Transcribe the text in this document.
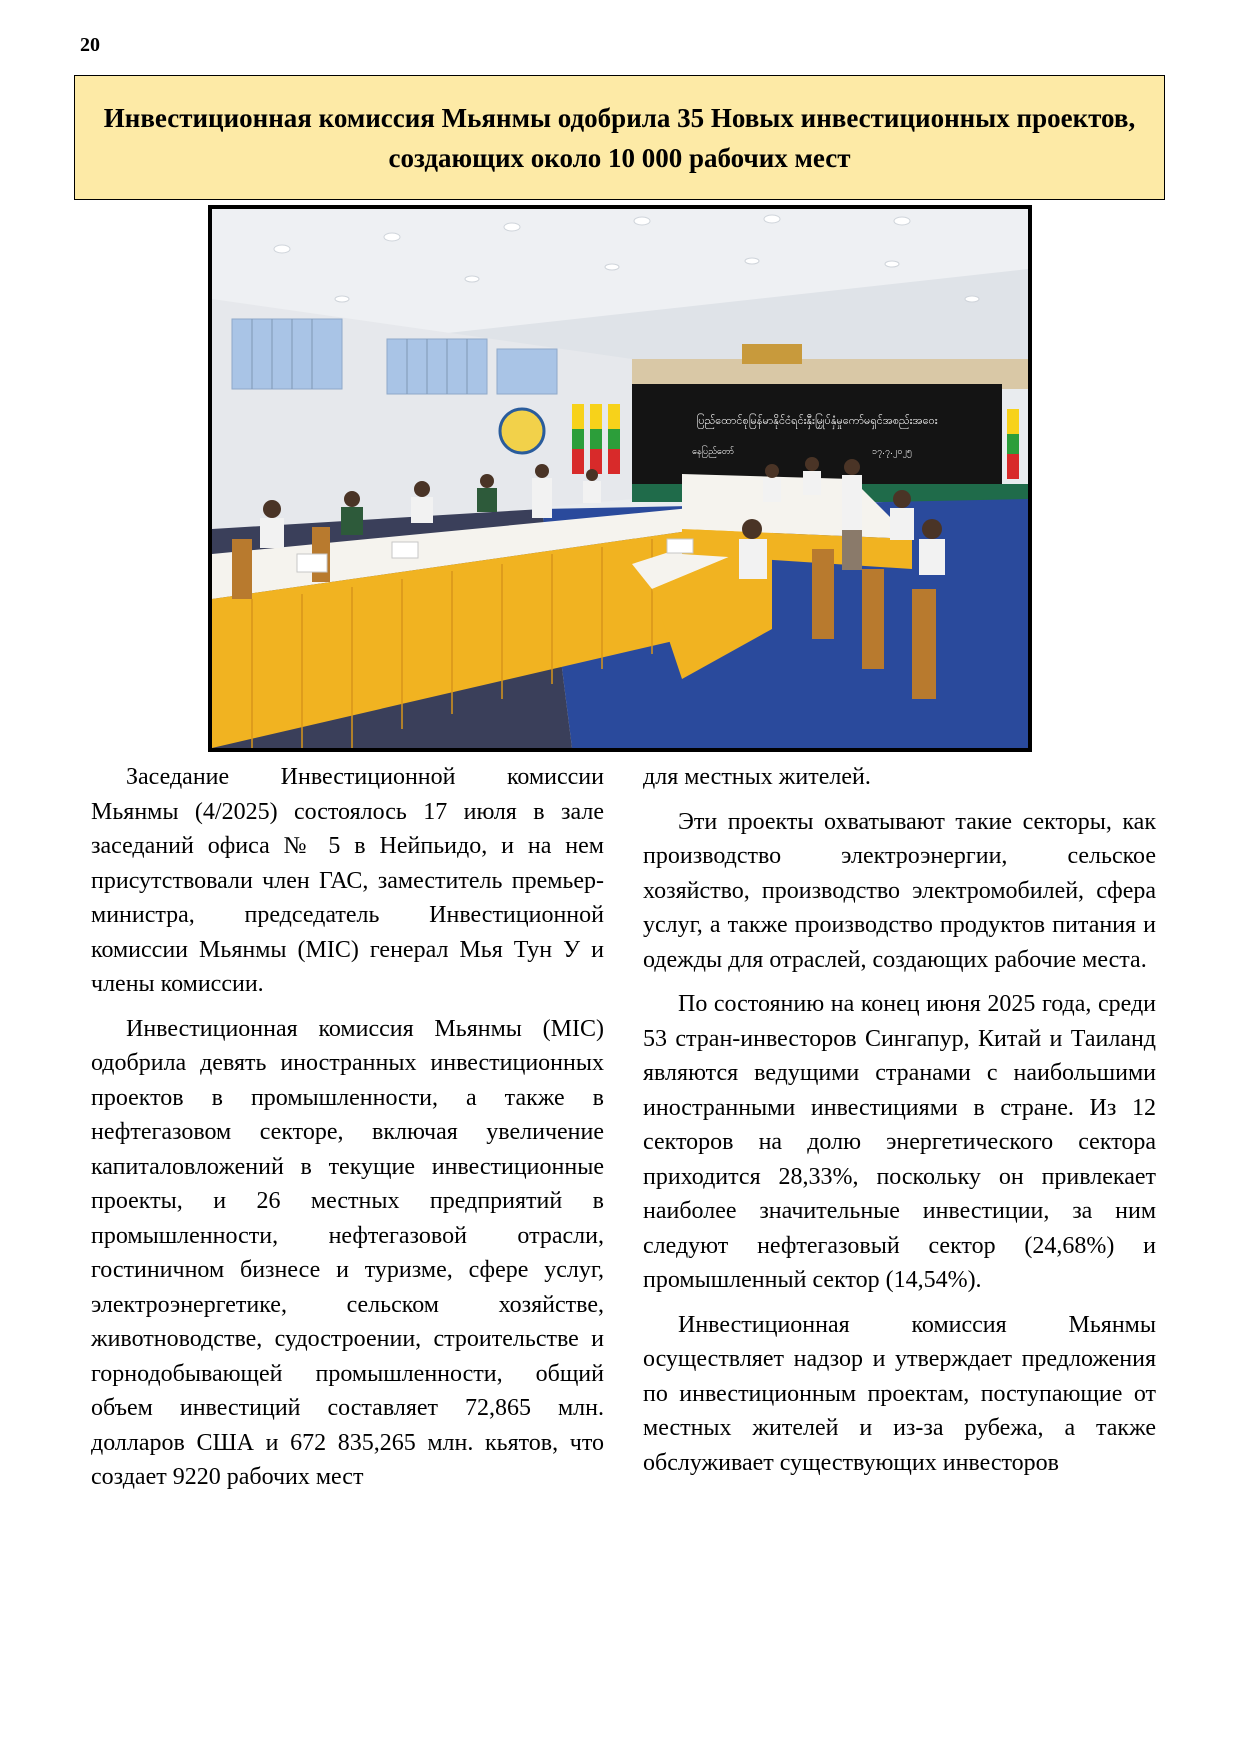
20
Инвестиционная комиссия Мьянмы одобрила 35 Новых инвестиционных проектов, создающих около 10 000 рабочих мест
ပြည်ထောင်စုမြန်မာနိုင်ငံရင်းနှီးမြှုပ်နှံမှုကော်မရှင်အစည်းအဝေး
နေပြည်တော်	၁၇.၇.၂၀၂၅

Заседание Инвестиционной комиссии Мьянмы (4/2025) состоялось 17 июля в зале заседаний офиса № 5 в Нейпьидо, и на нем присутствовали член ГАС, заместитель премьер-министра, председатель Инвестиционной комиссии Мьянмы (MIC) генерал Мья Тун У и члены комиссии.

Инвестиционная комиссия Мьянмы (MIC) одобрила девять иностранных инвестиционных проектов в промышленности, а также в нефтегазовом секторе, включая увеличение капиталовложений в текущие инвестиционные проекты, и 26 местных предприятий в промышленности, нефтегазовой отрасли, гостиничном бизнесе и туризме, сфере услуг, электроэнергетике, сельском хозяйстве, животноводстве, судостроении, строительстве и горнодобывающей промышленности, общий объем инвестиций составляет 72,865 млн. долларов США и 672 835,265 млн. кьятов, что создает 9220 рабочих мест

для местных жителей.

Эти проекты охватывают такие секторы, как производство электроэнергии, сельское хозяйство, производство электромобилей, сфера услуг, а также производство продуктов питания и одежды для отраслей, создающих рабочие места.

По состоянию на конец июня 2025 года, среди 53 стран-инвесторов Сингапур, Китай и Таиланд являются ведущими странами с наибольшими иностранными инвестициями в стране. Из 12 секторов на долю энергетического сектора приходится 28,33%, поскольку он привлекает наиболее значительные инвестиции, за ним следуют нефтегазовый сектор (24,68%) и промышленный сектор (14,54%).

Инвестиционная комиссия Мьянмы осуществляет надзор и утверждает предложения по инвестиционным проектам, поступающие от местных жителей и из-за рубежа, а также обслуживает существующих инвесторов
